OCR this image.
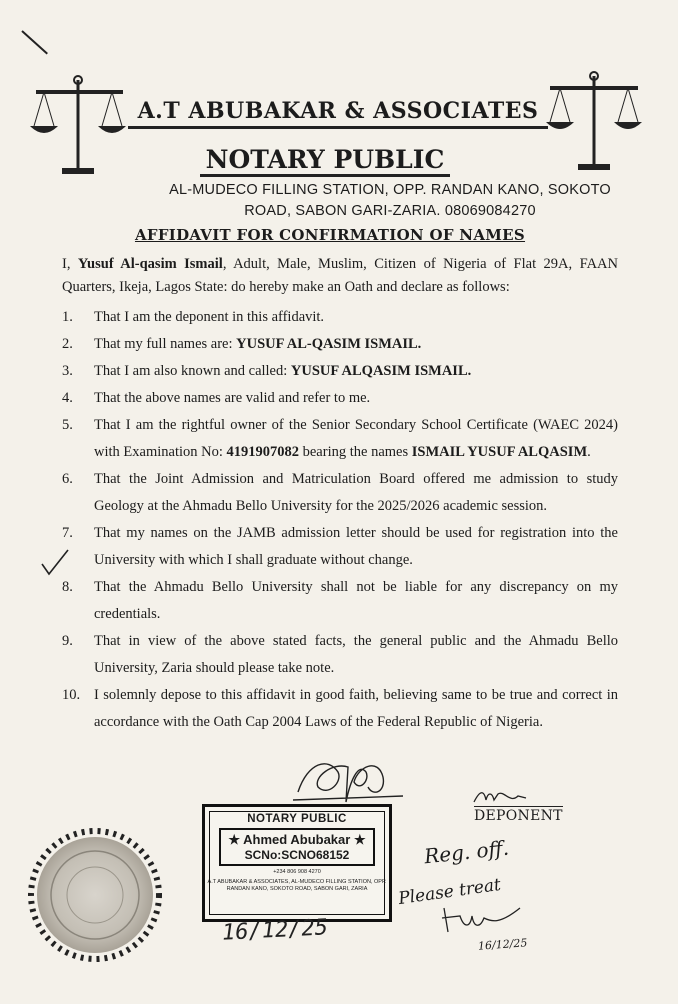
A.T ABUBAKAR & ASSOCIATES
NOTARY PUBLIC
AL-MUDECO FILLING STATION, OPP. RANDAN KANO, SOKOTO
ROAD, SABON GARI-ZARIA. 08069084270
AFFIDAVIT FOR CONFIRMATION OF NAMES
I, Yusuf Al-qasim Ismail, Adult, Male, Muslim, Citizen of Nigeria of Flat 29A, FAAN Quarters, Ikeja, Lagos State: do hereby make an Oath and declare as follows:
1. That I am the deponent in this affidavit.
2. That my full names are: YUSUF AL-QASIM ISMAIL.
3. That I am also known and called: YUSUF ALQASIM ISMAIL.
4. That the above names are valid and refer to me.
5. That I am the rightful owner of the Senior Secondary School Certificate (WAEC 2024) with Examination No: 4191907082 bearing the names ISMAIL YUSUF ALQASIM.
6. That the Joint Admission and Matriculation Board offered me admission to study Geology at the Ahmadu Bello University for the 2025/2026 academic session.
7. That my names on the JAMB admission letter should be used for registration into the University with which I shall graduate without change.
8. That the Ahmadu Bello University shall not be liable for any discrepancy on my credentials.
9. That in view of the above stated facts, the general public and the Ahmadu Bello University, Zaria should please take note.
10. I solemnly depose to this affidavit in good faith, believing same to be true and correct in accordance with the Oath Cap 2004 Laws of the Federal Republic of Nigeria.
DEPONENT
NOTARY PUBLIC
★ Ahmed Abubakar ★
SCNo:SCNO68152
+234 806 908 4270
A.T ABUBAKAR & ASSOCIATES, AL-MUDECO FILLING STATION, OPP. RANDAN KANO, SOKOTO ROAD, SABON GARI, ZARIA
16/12/25
Reg. off.
Please treat
16/12/25
